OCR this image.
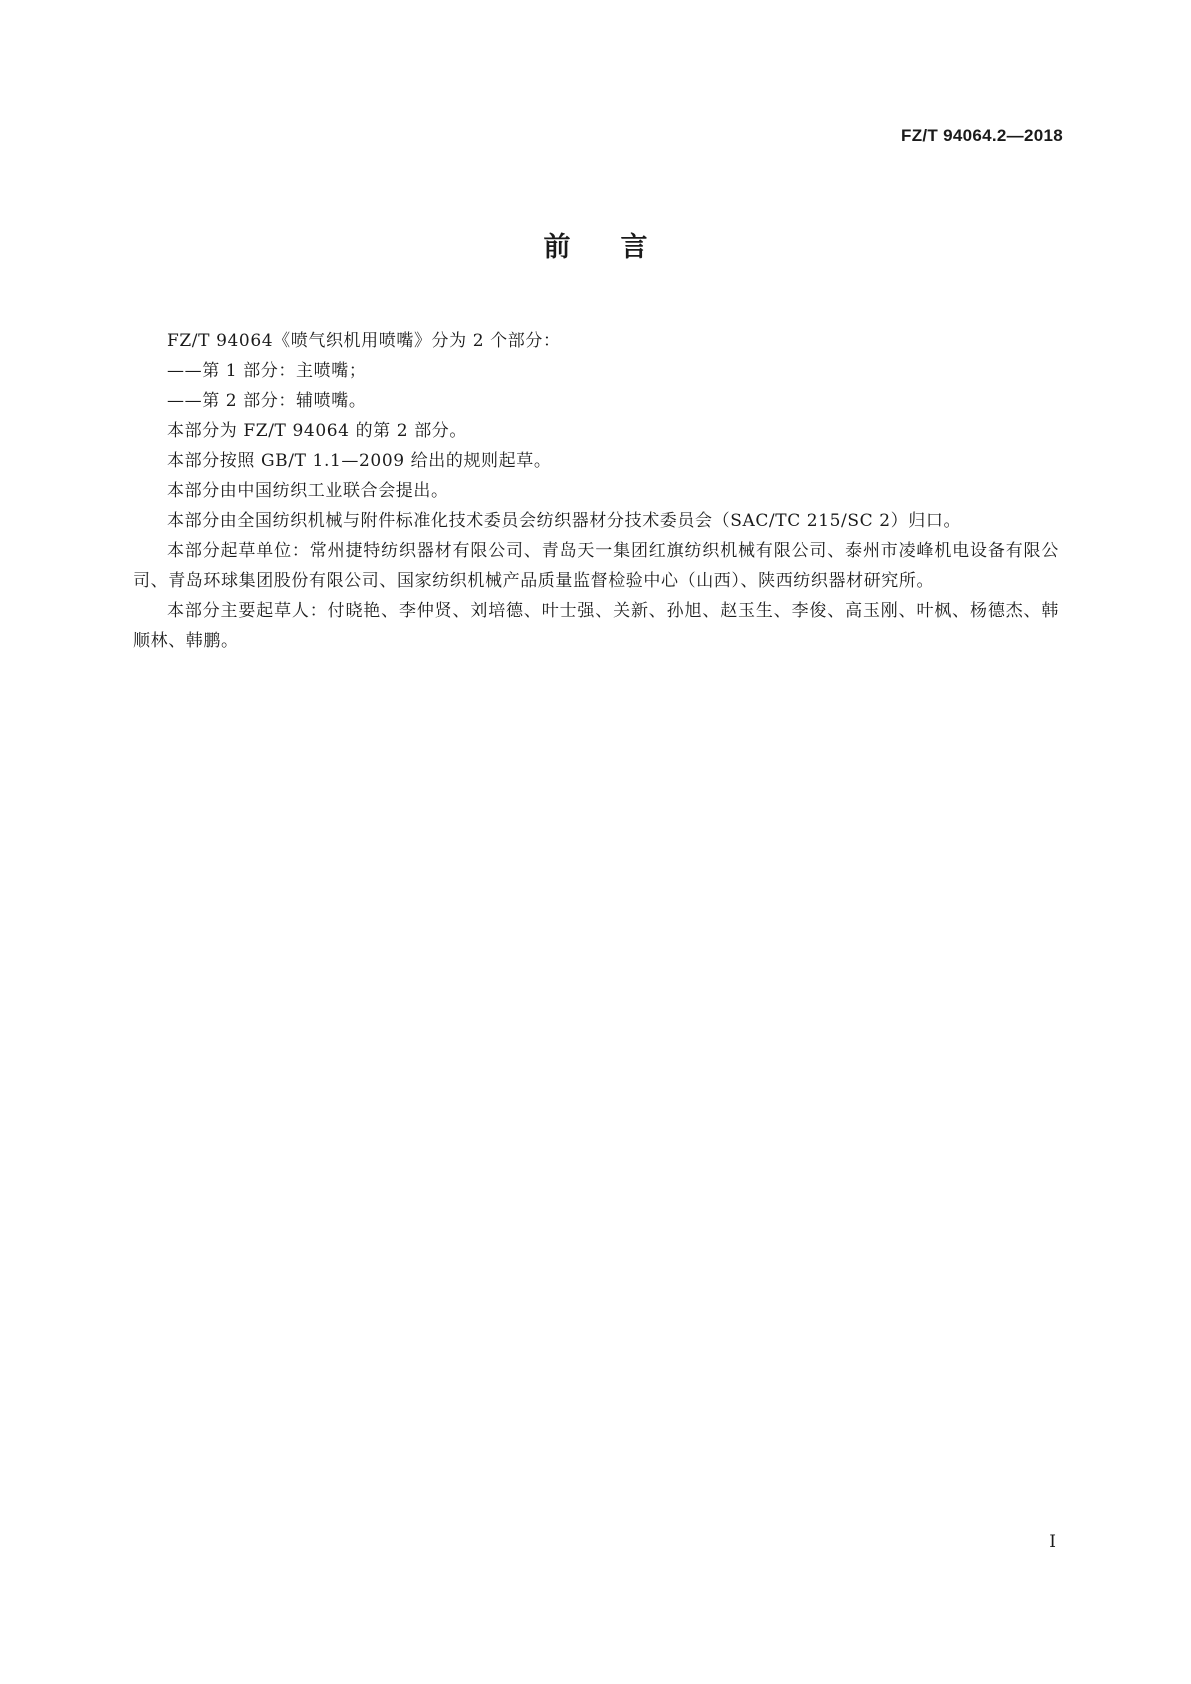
FZ/T 94064.2—2018
前言

FZ/T 94064《喷气织机用喷嘴》分为 2 个部分：

——第 1 部分：主喷嘴；

——第 2 部分：辅喷嘴。

本部分为 FZ/T 94064 的第 2 部分。

本部分按照 GB/T 1.1—2009 给出的规则起草。

本部分由中国纺织工业联合会提出。

本部分由全国纺织机械与附件标准化技术委员会纺织器材分技术委员会（SAC/TC 215/SC 2）归口。

本部分起草单位：常州捷特纺织器材有限公司、青岛天一集团红旗纺织机械有限公司、泰州市凌峰机电设备有限公司、青岛环球集团股份有限公司、国家纺织机械产品质量监督检验中心（山西）、陕西纺织器材研究所。

本部分主要起草人：付晓艳、李仲贤、刘培德、叶士强、关新、孙旭、赵玉生、李俊、高玉刚、叶枫、杨德杰、韩顺林、韩鹏。

I
